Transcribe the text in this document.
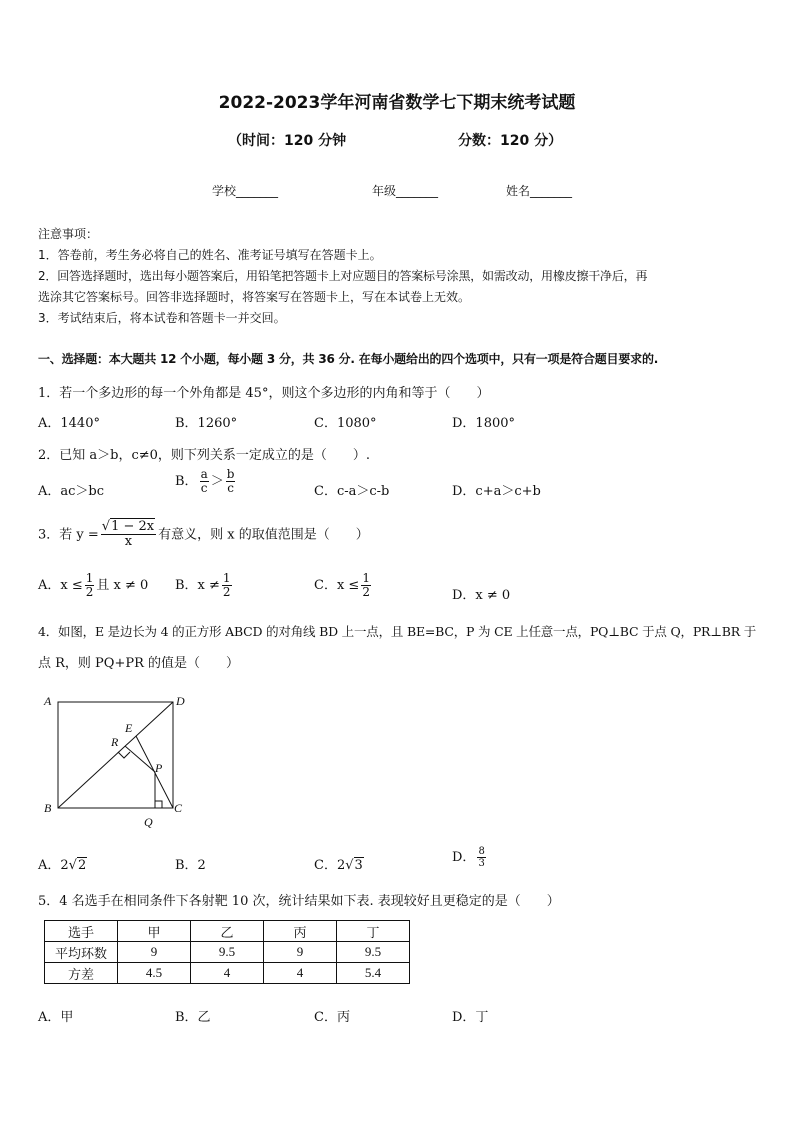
2022-2023学年河南省数学七下期末统考试题
（时间：120 分钟	分数：120 分）
学校_______	年级_______	姓名_______
注意事项：
1．答卷前，考生务必将自己的姓名、准考证号填写在答题卡上。
2．回答选择题时，选出每小题答案后，用铅笔把答题卡上对应题目的答案标号涂黑，如需改动，用橡皮擦干净后，再
选涂其它答案标号。回答非选择题时，将答案写在答题卡上，写在本试卷上无效。
3．考试结束后，将本试卷和答题卡一并交回。
一、选择题：本大题共 12 个小题，每小题 3 分，共 36 分. 在每小题给出的四个选项中，只有一项是符合题目要求的.
1．若一个多边形的每一个外角都是 45°，则这个多边形的内角和等于（　　）
A．1440°	B．1260°	C．1080°	D．1800°
2．已知 a＞b，c≠0，则下列关系一定成立的是（　　）.
A．ac＞bc
B． $\frac{a}{c} > \frac{b}{c}$	C．c-a＞c-b	D．c+a＞c+b
3．若 $y = \frac{√1 - 2x}{x}$ 有意义，则 x 的取值范围是（　　）
A．$x \le \frac{1}{2}$ 且 x ≠ 0 B．$x \ne \frac{1}{2}$	C．$x \le \frac{1}{2}$	D．x ≠ 0
4．如图，E 是边长为 4 的正方形 ABCD 的对角线 BD 上一点，且 BE=BC，P 为 CE 上任意一点，PQ⊥BC 于点 Q，PR⊥BR 于
点 R，则 PQ+PR 的值是（　　）
A	D
B	C
E
R
P
Q
A．2√2	B．2	C．2√3
D． $\frac{8}{3}$
5．4 名选手在相同条件下各射靶 10 次，统计结果如下表. 表现较好且更稳定的是（　　）
选手	甲	乙	丙	丁
平均环数	9	9.5	9	9.5
方差	4.5	4	4	5.4
A．甲	B．乙	C．丙	D．丁
